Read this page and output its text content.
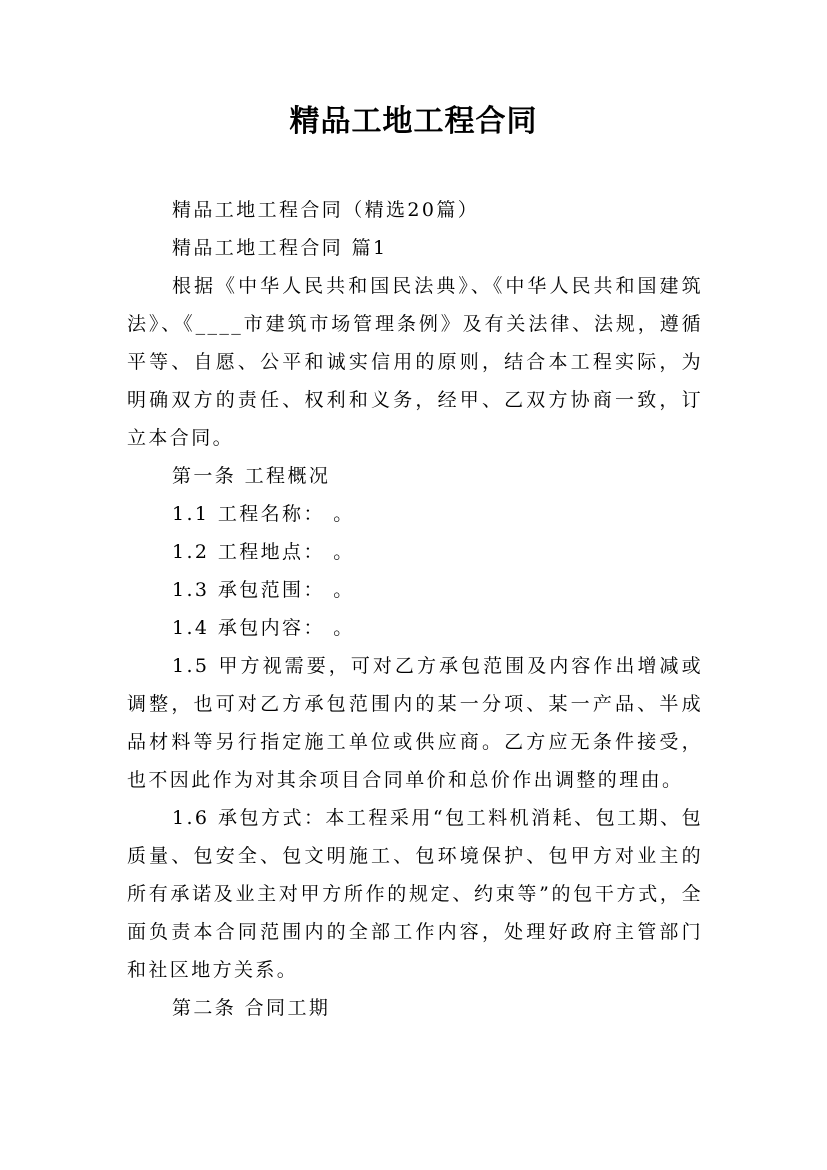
精品工地工程合同

精品工地工程合同（精选20篇）

精品工地工程合同 篇1

根据《中华人民共和国民法典》、《中华人民共和国建筑法》、《____市建筑市场管理条例》及有关法律、法规，遵循平等、自愿、公平和诚实信用的原则，结合本工程实际，为明确双方的责任、权利和义务，经甲、乙双方协商一致，订立本合同。

第一条 工程概况

1.1 工程名称： 。

1.2 工程地点： 。

1.3 承包范围： 。

1.4 承包内容： 。

1.5 甲方视需要，可对乙方承包范围及内容作出增减或调整，也可对乙方承包范围内的某一分项、某一产品、半成品材料等另行指定施工单位或供应商。乙方应无条件接受，也不因此作为对其余项目合同单价和总价作出调整的理由。

1.6 承包方式：本工程采用“包工料机消耗、包工期、包质量、包安全、包文明施工、包环境保护、包甲方对业主的所有承诺及业主对甲方所作的规定、约束等”的包干方式，全面负责本合同范围内的全部工作内容，处理好政府主管部门和社区地方关系。

第二条 合同工期
